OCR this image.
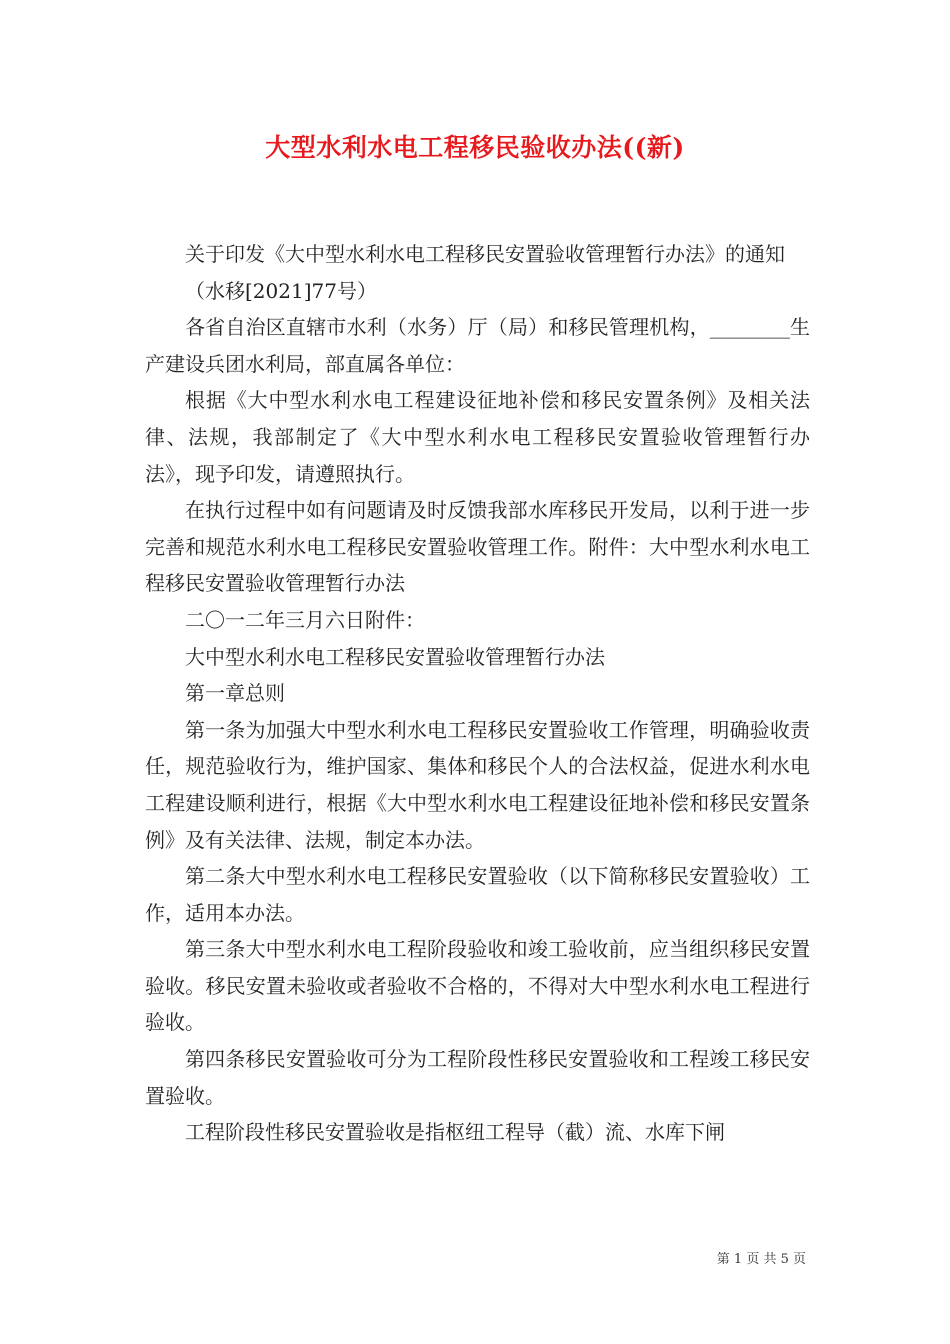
大型水利水电工程移民验收办法((新)

关于印发《大中型水利水电工程移民安置验收管理暂行办法》的通知

（水移[2021]77号）

各省自治区直辖市水利（水务）厅（局）和移民管理机构，________生产建设兵团水利局，部直属各单位：

根据《大中型水利水电工程建设征地补偿和移民安置条例》及相关法律、法规，我部制定了《大中型水利水电工程移民安置验收管理暂行办法》，现予印发，请遵照执行。

在执行过程中如有问题请及时反馈我部水库移民开发局，以利于进一步完善和规范水利水电工程移民安置验收管理工作。附件：大中型水利水电工程移民安置验收管理暂行办法

二〇一二年三月六日附件：

大中型水利水电工程移民安置验收管理暂行办法

第一章总则

第一条为加强大中型水利水电工程移民安置验收工作管理，明确验收责任，规范验收行为，维护国家、集体和移民个人的合法权益，促进水利水电工程建设顺利进行，根据《大中型水利水电工程建设征地补偿和移民安置条例》及有关法律、法规，制定本办法。

第二条大中型水利水电工程移民安置验收（以下简称移民安置验收）工作，适用本办法。

第三条大中型水利水电工程阶段验收和竣工验收前，应当组织移民安置验收。移民安置未验收或者验收不合格的，不得对大中型水利水电工程进行验收。

第四条移民安置验收可分为工程阶段性移民安置验收和工程竣工移民安置验收。

工程阶段性移民安置验收是指枢纽工程导（截）流、水库下闸

第 1 页 共 5 页
